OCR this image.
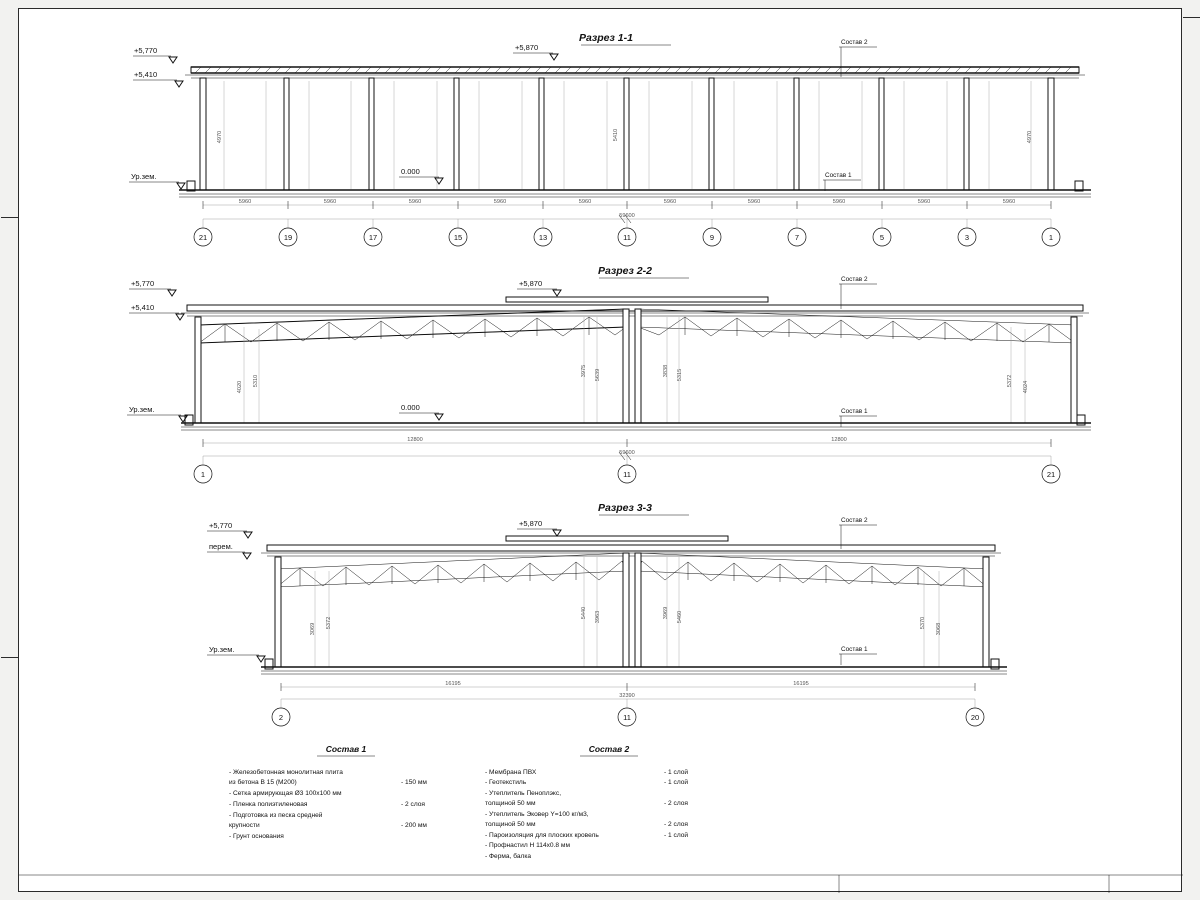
Разрез 1-1
+5,770
+5,410
+5,870
Ур.зем.
0.000
Состав 2
Состав 1
4970	5410	4970
5960	5960	5960	5960	5960	5960	5960	5960	5960	5960
59600
21	19	17	15	13	11	9	7	5	3	1
Разрез 2-2
+5,770
+5,410
+5,870
Ур.зем.	0.000
Состав 2
Состав 1
4020 5310
3975 5639	3838 5315	5372 4024
12800	12800
59600
1	11	21
Разрез 3-3
+5,770
перем.
+5,870
Ур.зем.
Состав 2
Состав 1
3069 5372
5440 3963	3969 5460	5370 3068
16195	16195
32390
2	11	20
Состав 1
- Железобетонная монолитная плита
из бетона В 15 (М200)	- 150 мм
- Сетка армирующая Ø3 100х100 мм
- Пленка полиэтиленовая	- 2 слоя
- Подготовка из песка средней
крупности	- 200 мм
- Грунт основания
Состав 2
- Мембрана ПВХ	- 1 слой
- Геотекстиль	- 1 слой
- Утеплитель Пеноплэкс,
толщиной 50 мм	- 2 слоя
- Утеплитель Эковер Y=100 кг/м3,
толщиной 50 мм	- 2 слоя
- Пароизоляция для плоских кровель	- 1 слой
- Профнастил Н 114х0.8 мм
- Ферма, балка
